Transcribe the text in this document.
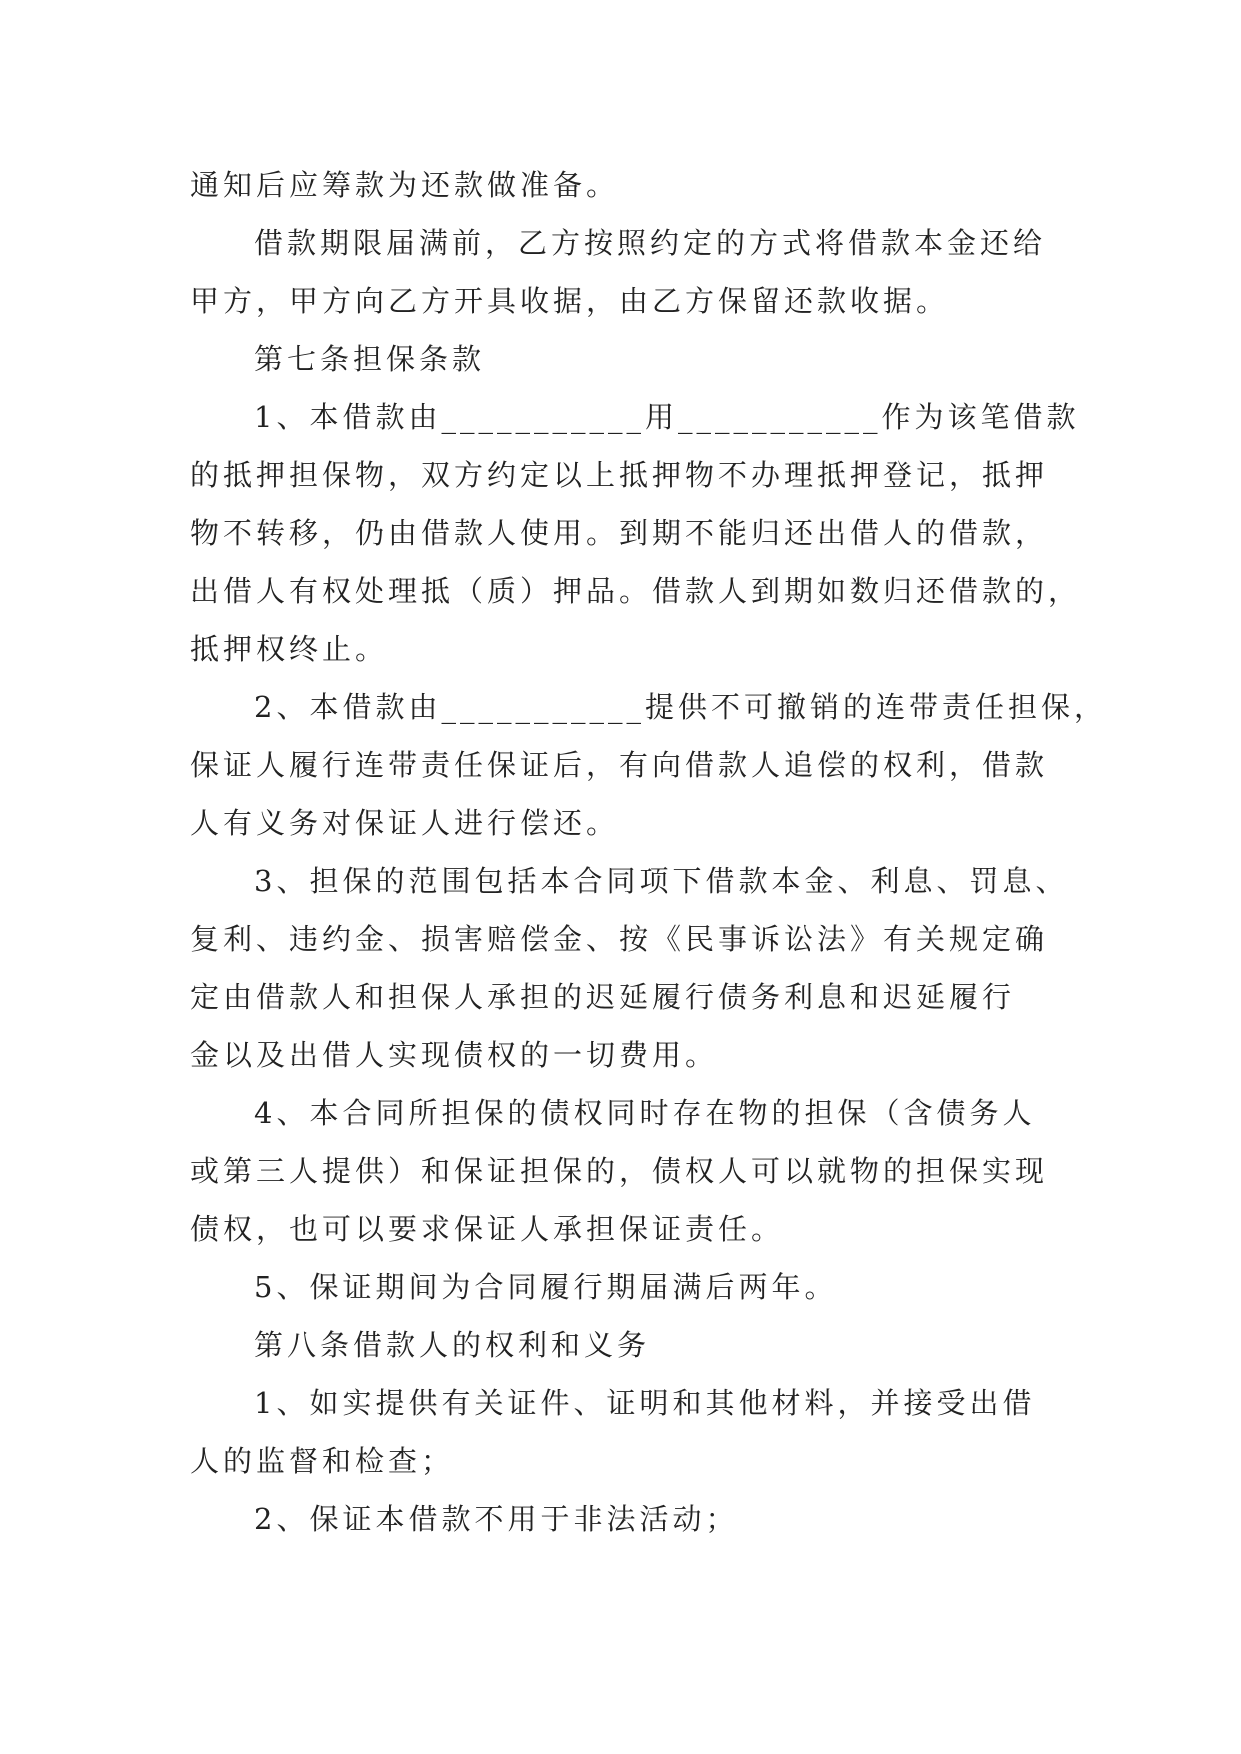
通知后应筹款为还款做准备。
借款期限届满前，乙方按照约定的方式将借款本金还给
甲方，甲方向乙方开具收据，由乙方保留还款收据。
第七条担保条款
1、本借款由___________用___________作为该笔借款
的抵押担保物，双方约定以上抵押物不办理抵押登记，抵押
物不转移，仍由借款人使用。到期不能归还出借人的借款，
出借人有权处理抵（质）押品。借款人到期如数归还借款的，
抵押权终止。
2、本借款由___________提供不可撤销的连带责任担保，
保证人履行连带责任保证后，有向借款人追偿的权利，借款
人有义务对保证人进行偿还。
3、担保的范围包括本合同项下借款本金、利息、罚息、
复利、违约金、损害赔偿金、按《民事诉讼法》有关规定确
定由借款人和担保人承担的迟延履行债务利息和迟延履行
金以及出借人实现债权的一切费用。
4、本合同所担保的债权同时存在物的担保（含债务人
或第三人提供）和保证担保的，债权人可以就物的担保实现
债权，也可以要求保证人承担保证责任。
5、保证期间为合同履行期届满后两年。
第八条借款人的权利和义务
1、如实提供有关证件、证明和其他材料，并接受出借
人的监督和检查；
2、保证本借款不用于非法活动；
